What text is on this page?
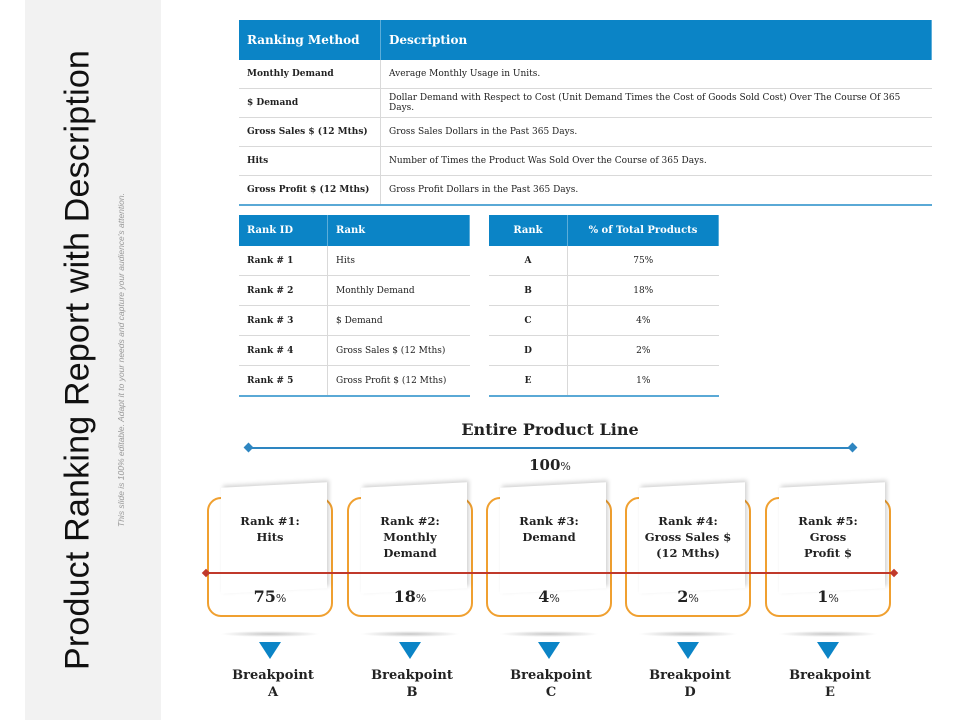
Product Ranking Report with Description This slide is 100% editable. Adapt it to your needs and capture your audience's attention.
Ranking Method	Description
Monthly Demand	Average Monthly Usage in Units.
$ Demand	Dollar Demand with Respect to Cost (Unit Demand Times the Cost of Goods Sold Cost) Over The Course Of 365 Days.
Gross Sales $ (12 Mths)	Gross Sales Dollars in the Past 365 Days.
Hits	Number of Times the Product Was Sold Over the Course of 365 Days.
Gross Profit $ (12 Mths)	Gross Profit Dollars in the Past 365 Days.
Rank ID	Rank
Rank # 1	Hits
Rank # 2	Monthly Demand
Rank # 3	$ Demand
Rank # 4	Gross Sales $ (12 Mths)
Rank # 5	Gross Profit $ (12 Mths)
Rank	% of Total Products
A	75%
B	18%
C	4%
D	2%
E	1%
Entire Product Line
100%
Rank #1:
Hits

75%
Rank #2:
Monthly
Demand
18%
Rank #3:
Demand

4%
Rank #4:
Gross Sales $
(12 Mths)
2%
Rank #5:
Gross
Profit $
1%
Breakpoint
A
Breakpoint
B
Breakpoint
C
Breakpoint
D
Breakpoint
E
